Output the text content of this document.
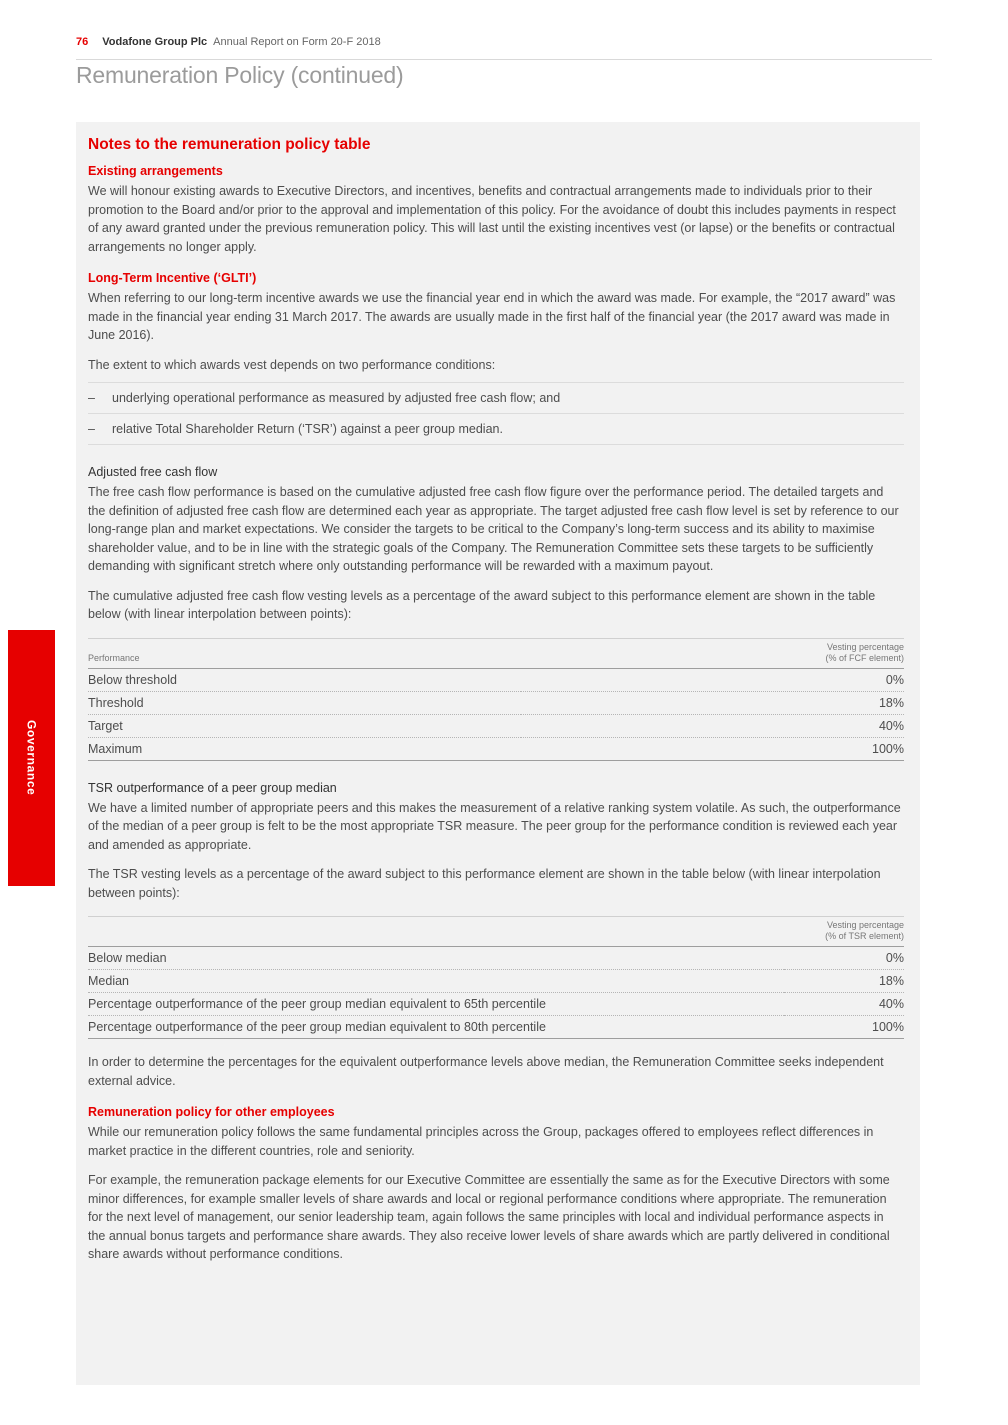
76 Vodafone Group Plc Annual Report on Form 20-F 2018
Remuneration Policy (continued)
Governance
Notes to the remuneration policy table
Existing arrangements

We will honour existing awards to Executive Directors, and incentives, benefits and contractual arrangements made to individuals prior to their promotion to the Board and/or prior to the approval and implementation of this policy. For the avoidance of doubt this includes payments in respect of any award granted under the previous remuneration policy. This will last until the existing incentives vest (or lapse) or the benefits or contractual arrangements no longer apply.

Long-Term Incentive (‘GLTI’)

When referring to our long-term incentive awards we use the financial year end in which the award was made. For example, the “2017 award” was made in the financial year ending 31 March 2017. The awards are usually made in the first half of the financial year (the 2017 award was made in June 2016).

The extent to which awards vest depends on two performance conditions:

–	underlying operational performance as measured by adjusted free cash flow; and
–	relative Total Shareholder Return (‘TSR’) against a peer group median.
Adjusted free cash flow

The free cash flow performance is based on the cumulative adjusted free cash flow figure over the performance period. The detailed targets and the definition of adjusted free cash flow are determined each year as appropriate. The target adjusted free cash flow level is set by reference to our long-range plan and market expectations. We consider the targets to be critical to the Company’s long-term success and its ability to maximise shareholder value, and to be in line with the strategic goals of the Company. The Remuneration Committee sets these targets to be sufficiently demanding with significant stretch where only outstanding performance will be rewarded with a maximum payout.

The cumulative adjusted free cash flow vesting levels as a percentage of the award subject to this performance element are shown in the table below (with linear interpolation between points):

Performance	Vesting percentage
(% of FCF element)

Below threshold	0%
Threshold	18%
Target	40%
Maximum	100%
TSR outperformance of a peer group median

We have a limited number of appropriate peers and this makes the measurement of a relative ranking system volatile. As such, the outperformance of the median of a peer group is felt to be the most appropriate TSR measure. The peer group for the performance condition is reviewed each year and amended as appropriate.

The TSR vesting levels as a percentage of the award subject to this performance element are shown in the table below (with linear interpolation between points):

	Vesting percentage
(% of TSR element)

Below median	0%
Median	18%
Percentage outperformance of the peer group median equivalent to 65th percentile	40%
Percentage outperformance of the peer group median equivalent to 80th percentile	100%

In order to determine the percentages for the equivalent outperformance levels above median, the Remuneration Committee seeks independent external advice.

Remuneration policy for other employees

While our remuneration policy follows the same fundamental principles across the Group, packages offered to employees reflect differences in market practice in the different countries, role and seniority.

For example, the remuneration package elements for our Executive Committee are essentially the same as for the Executive Directors with some minor differences, for example smaller levels of share awards and local or regional performance conditions where appropriate. The remuneration for the next level of management, our senior leadership team, again follows the same principles with local and individual performance aspects in the annual bonus targets and performance share awards. They also receive lower levels of share awards which are partly delivered in conditional share awards without performance conditions.
